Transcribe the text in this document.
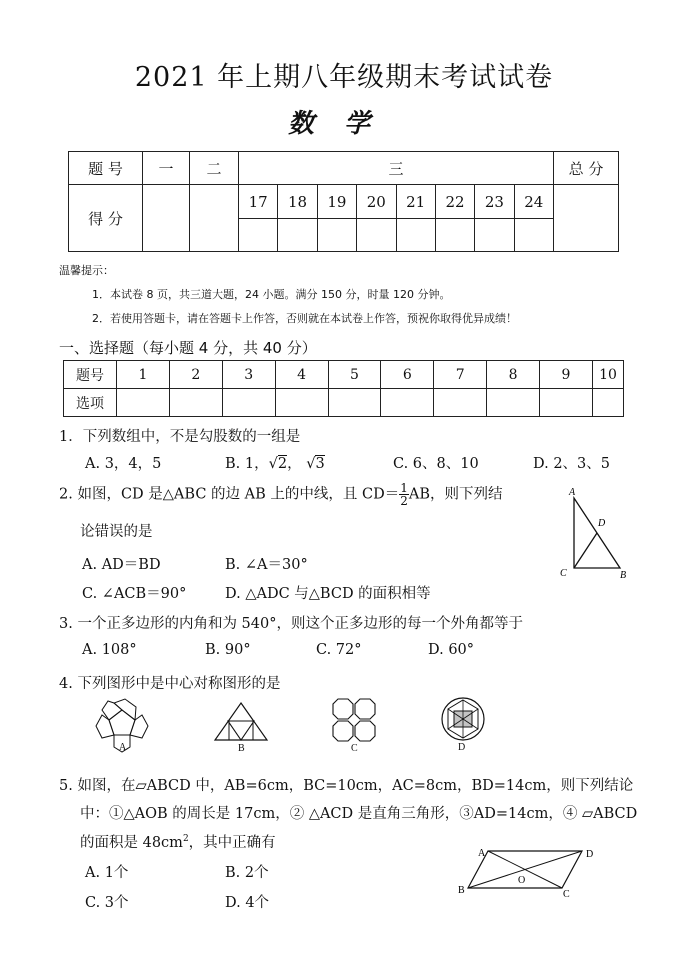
2021 年上期八年级期末考试试卷
数学
题 号	一	二	三								总 分
得 分			17	18	19	20	21	22	23	24	

温馨提示：
1．本试卷 8 页，共三道大题，24 小题。满分 150 分，时量 120 分钟。
2．若使用答题卡，请在答题卡上作答，否则就在本试卷上作答，预祝你取得优异成绩！
一、选择题（每小题 4 分，共 40 分）
题号	1	2	3	4	5	6	7	8	9	10
选项										
1．下列数组中，不是勾股数的一组是
A. 3，4，5	B. 1，√2， √3	C. 6、8、10	D. 2、3、5
2. 如图，CD 是△ABC 的边 AB 上的中线，且 $CD= \frac{1}{2}$ AB，则下列结
论错误的是
A. AD＝BD	B. ∠A＝30°
C. ∠ACB＝90°	D. △ADC 与△BCD 的面积相等
A
D
C	B
3. 一个正多边形的内角和为 540°，则这个正多边形的每一个外角都等于
A. 108°	B. 90°	C. 72°	D. 60°
4. 下列图形中是中心对称图形的是
A	B	C	D
5. 如图，在▱ABCD 中，AB=6cm，BC=10cm，AC=8cm，BD=14cm，则下列结论
中：①△AOB 的周长是 17cm，② △ACD 是直角三角形，③AD=14cm，④ ▱ABCD
的面积是 $48cm^2$，其中正确有
A. 1个	B. 2个
C. 3个	D. 4个
A	D
B
O
C
